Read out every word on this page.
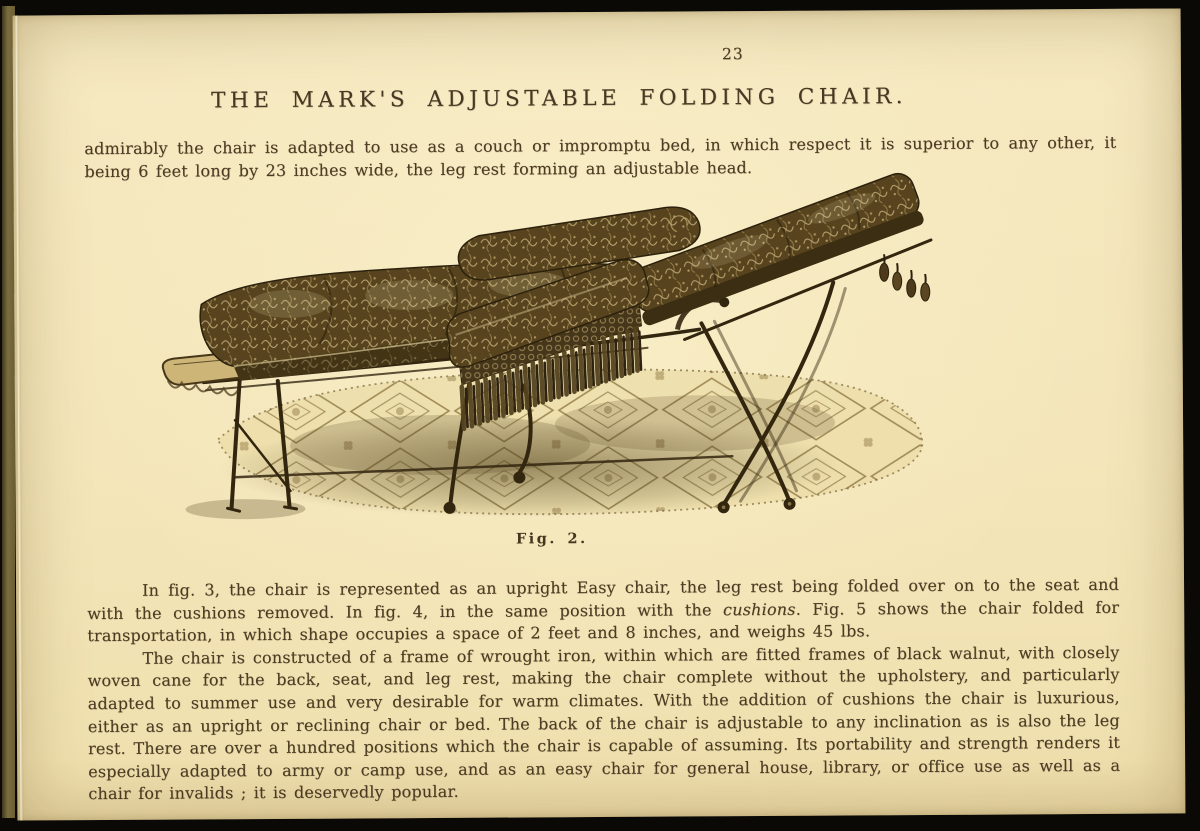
23
THE MARK'S ADJUSTABLE FOLDING CHAIR.
admirably the chair is adapted to use as a couch or impromptu bed, in which respect it is superior to any other, it being 6 feet long by 23 inches wide, the leg rest forming an adjustable head.
Fig. 2.

In fig. 3, the chair is represented as an upright Easy chair, the leg rest being folded over on to the seat and with the cushions removed. In fig. 4, in the same position with the cushions. Fig. 5 shows the chair folded for transportation, in which shape occupies a space of 2 feet and 8 inches, and weighs 45 lbs.

The chair is constructed of a frame of wrought iron, within which are fitted frames of black walnut, with closely woven cane for the back, seat, and leg rest, making the chair complete without the upholstery, and particularly adapted to summer use and very desirable for warm climates. With the addition of cushions the chair is luxurious, either as an upright or reclining chair or bed. The back of the chair is adjustable to any inclination as is also the leg rest. There are over a hundred positions which the chair is capable of assuming. Its portability and strength renders it especially adapted to army or camp use, and as an easy chair for general house, library, or office use as well as a chair for invalids ; it is deservedly popular.
